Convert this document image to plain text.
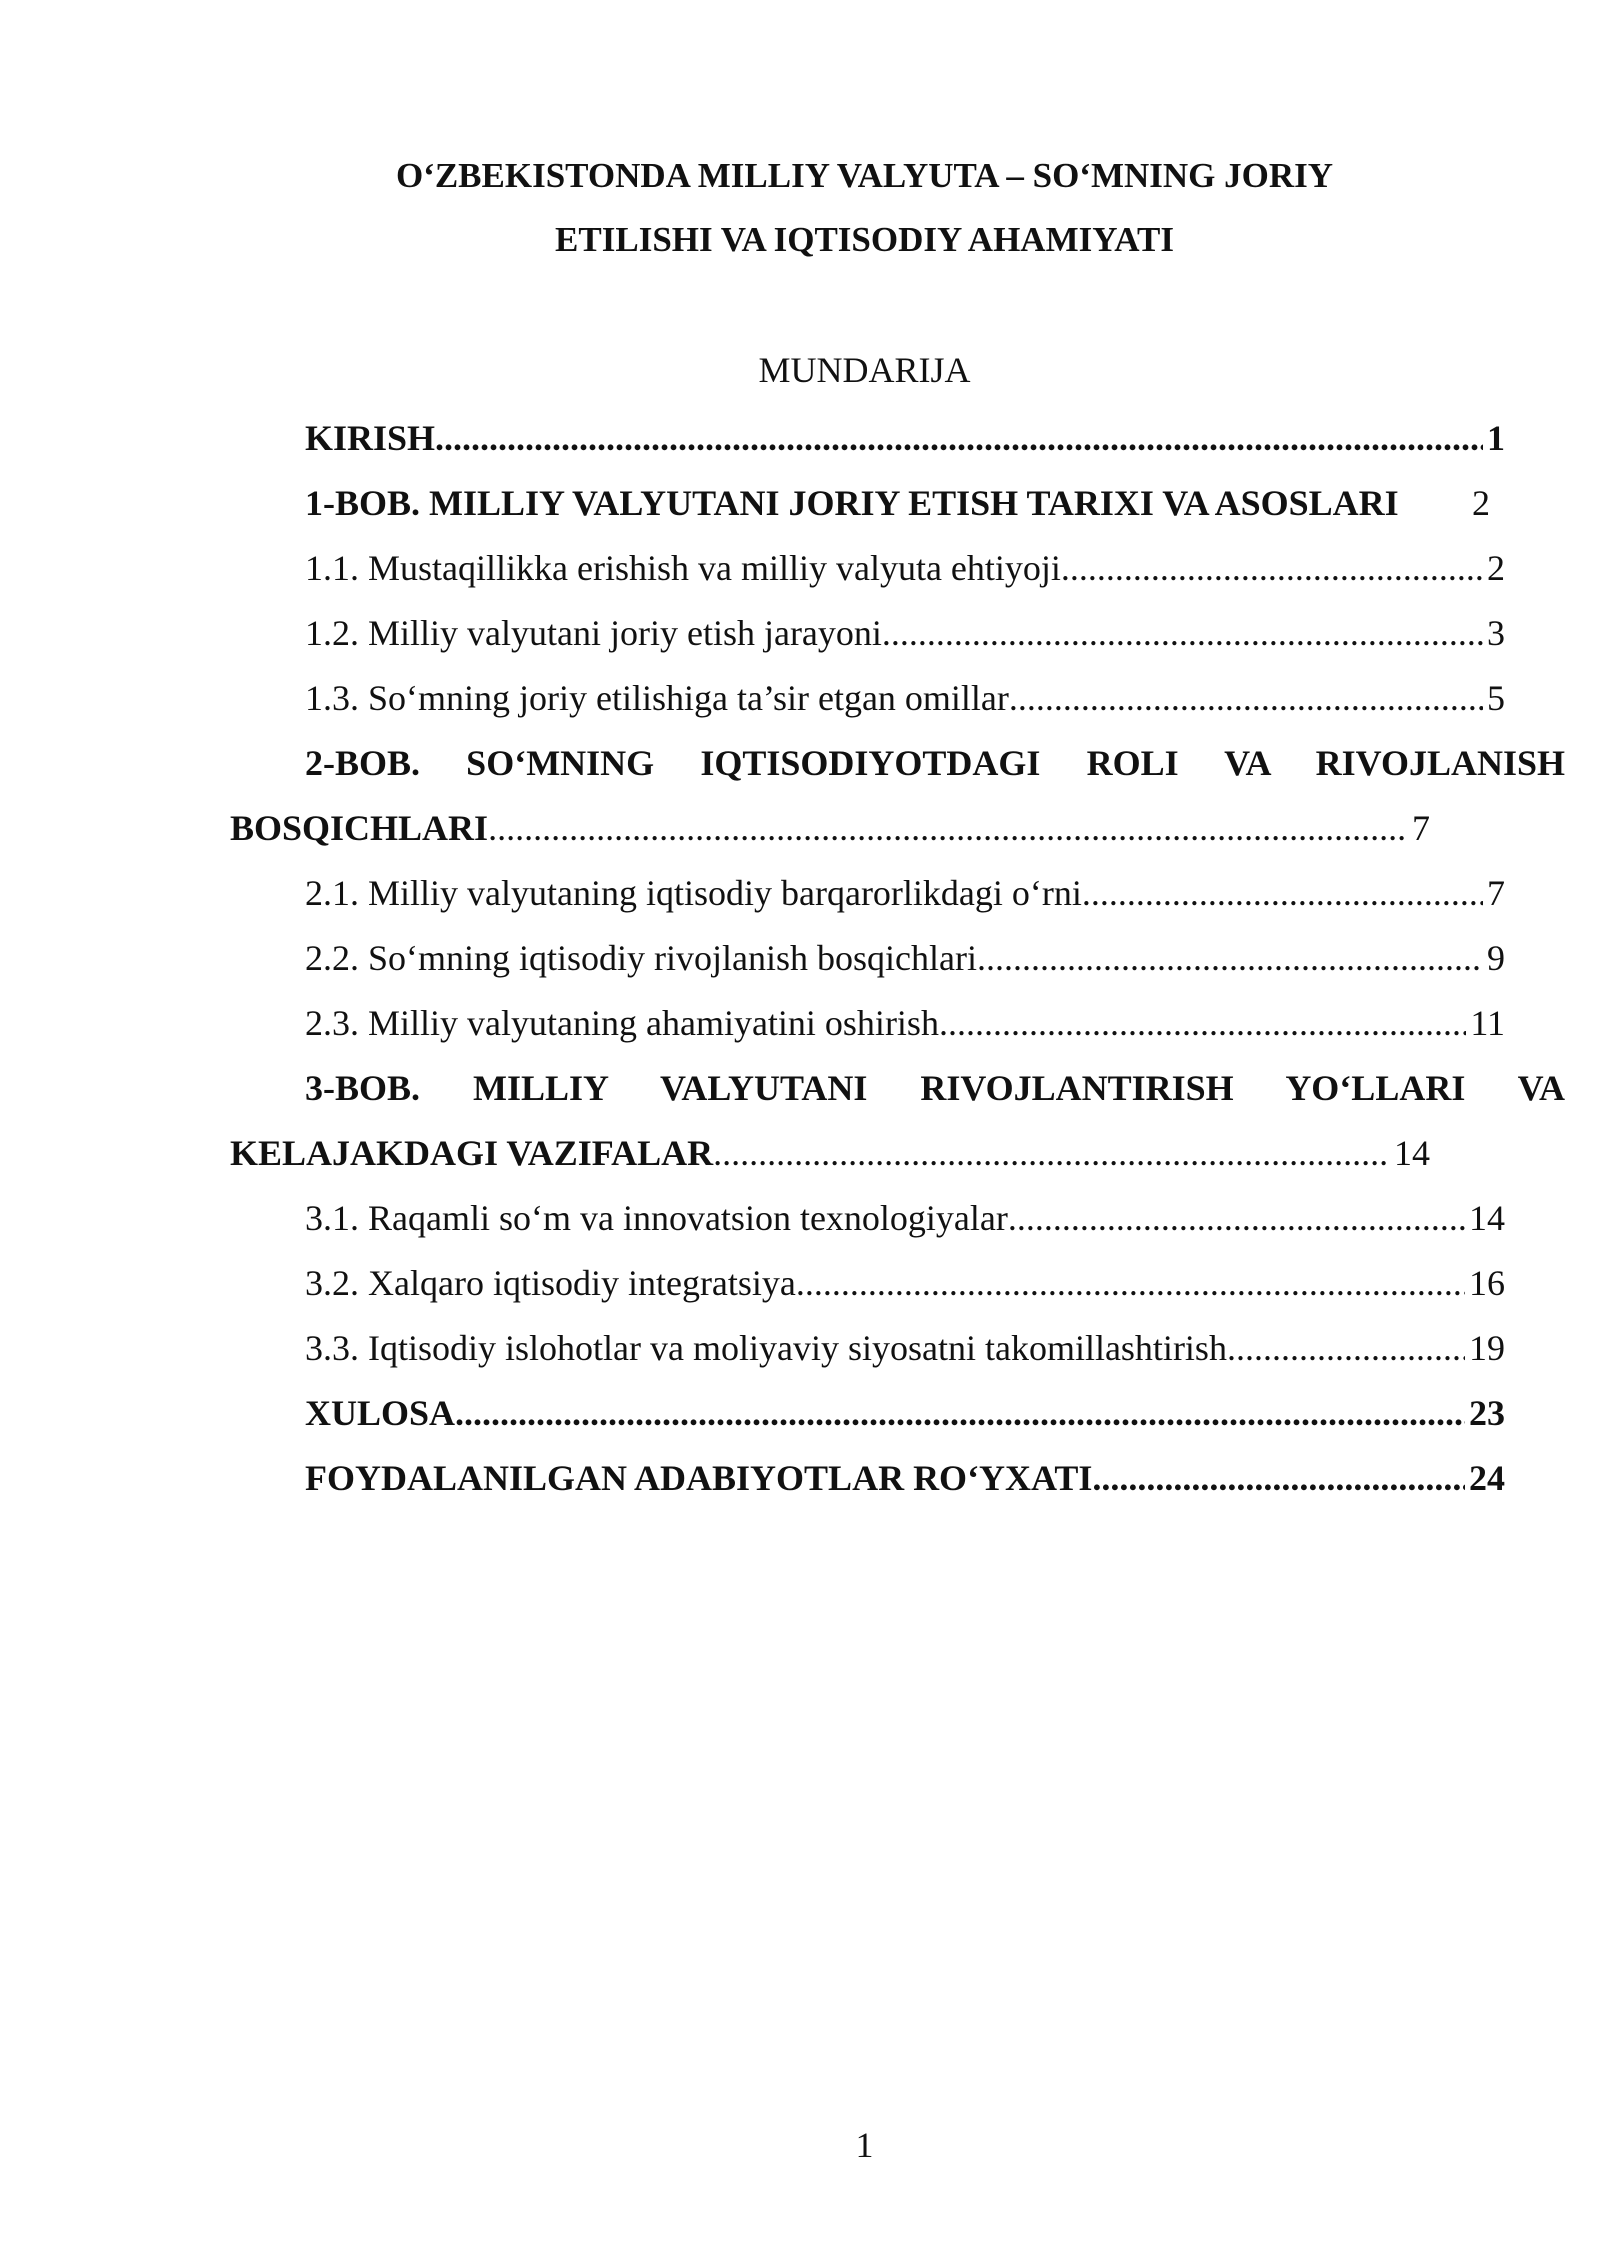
O‘ZBEKISTONDA MILLIY VALYUTA – SO‘MNING JORIY
ETILISHI VA IQTISODIY AHAMIYATI
MUNDARIJA
KIRISH .....	1
1-BOB. MILLIY VALYUTANI JORIY ETISH TARIXI VA ASOSLARI 2
1.1. Mustaqillikka erishish va milliy valyuta ehtiyoji .....	2
1.2. Milliy valyutani joriy etish jarayoni .....	3
1.3. So‘mning joriy etilishiga ta’sir etgan omillar .....	5
2-BOB. SO‘MNING IQTISODIYOTDAGI ROLI VA RIVOJLANISH
BOSQICHLARI .....	7
2.1. Milliy valyutaning iqtisodiy barqarorlikdagi o‘rni .....	7
2.2. So‘mning iqtisodiy rivojlanish bosqichlari .....	9
2.3. Milliy valyutaning ahamiyatini oshirish .....	11
3-BOB. MILLIY VALYUTANI RIVOJLANTIRISH YO‘LLARI VA
KELAJAKDAGI VAZIFALAR .....	14
3.1. Raqamli so‘m va innovatsion texnologiyalar .....	14
3.2. Xalqaro iqtisodiy integratsiya .....	16
3.3. Iqtisodiy islohotlar va moliyaviy siyosatni takomillashtirish .....	19
XULOSA .....	23
FOYDALANILGAN ADABIYOTLAR RO‘YXATI .....	24
1
